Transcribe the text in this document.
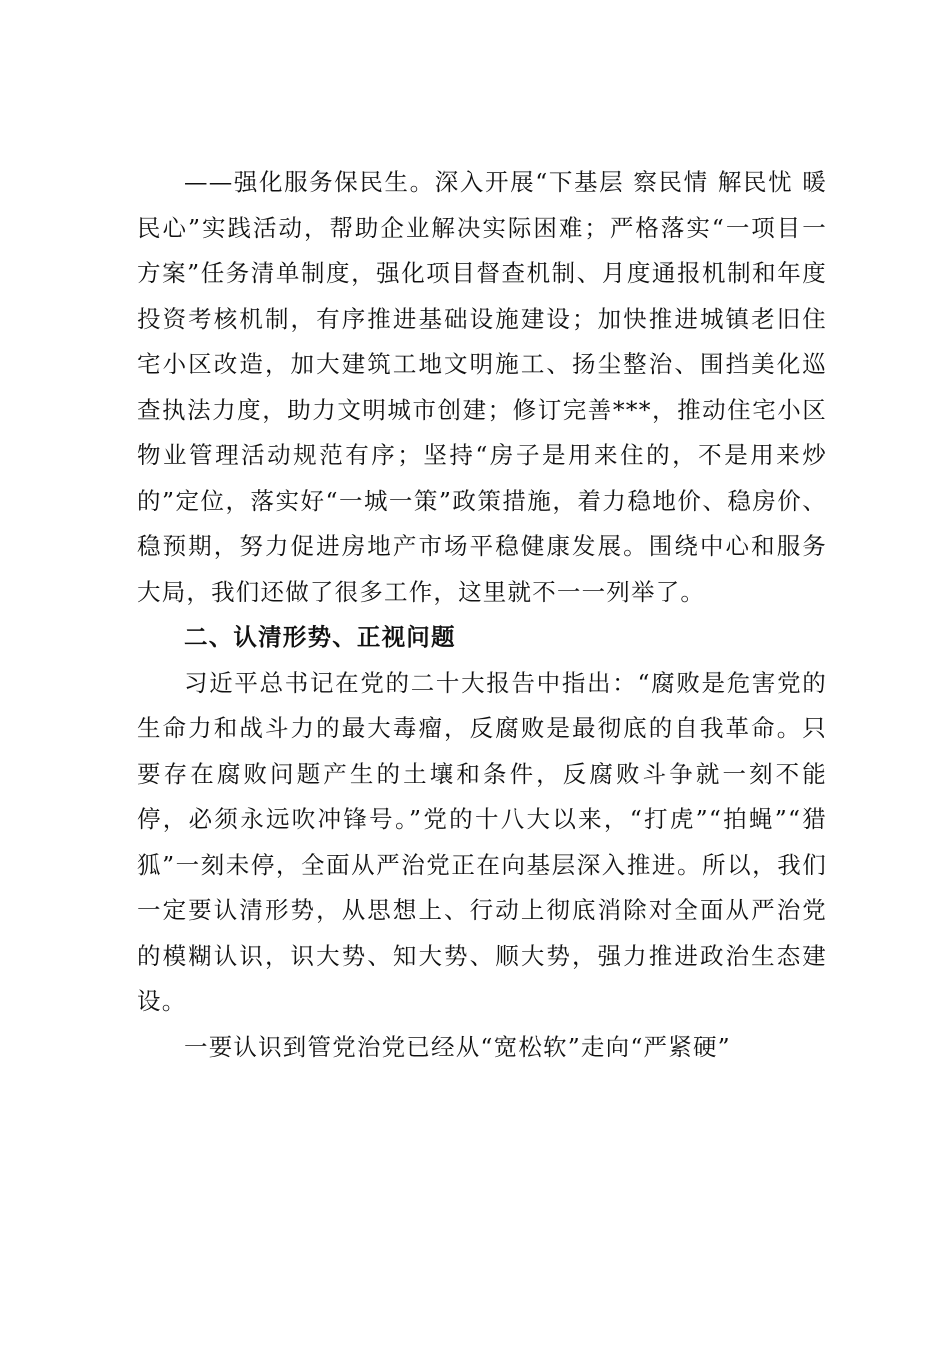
——强化服务保民生。深入开展“下基层 察民情 解民忧 暖民心”实践活动，帮助企业解决实际困难；严格落实“一项目一方案”任务清单制度，强化项目督查机制、月度通报机制和年度投资考核机制，有序推进基础设施建设；加快推进城镇老旧住宅小区改造，加大建筑工地文明施工、扬尘整治、围挡美化巡查执法力度，助力文明城市创建；修订完善***，推动住宅小区物业管理活动规范有序；坚持“房子是用来住的，不是用来炒的”定位，落实好“一城一策”政策措施，着力稳地价、稳房价、稳预期，努力促进房地产市场平稳健康发展。围绕中心和服务大局，我们还做了很多工作，这里就不一一列举了。

二、认清形势、正视问题

习近平总书记在党的二十大报告中指出：“腐败是危害党的生命力和战斗力的最大毒瘤，反腐败是最彻底的自我革命。只要存在腐败问题产生的土壤和条件，反腐败斗争就一刻不能停，必须永远吹冲锋号。”党的十八大以来，“打虎”“拍蝇”“猎狐”一刻未停，全面从严治党正在向基层深入推进。所以，我们一定要认清形势，从思想上、行动上彻底消除对全面从严治党的模糊认识，识大势、知大势、顺大势，强力推进政治生态建设。

一要认识到管党治党已经从“宽松软”走向“严紧硬”
